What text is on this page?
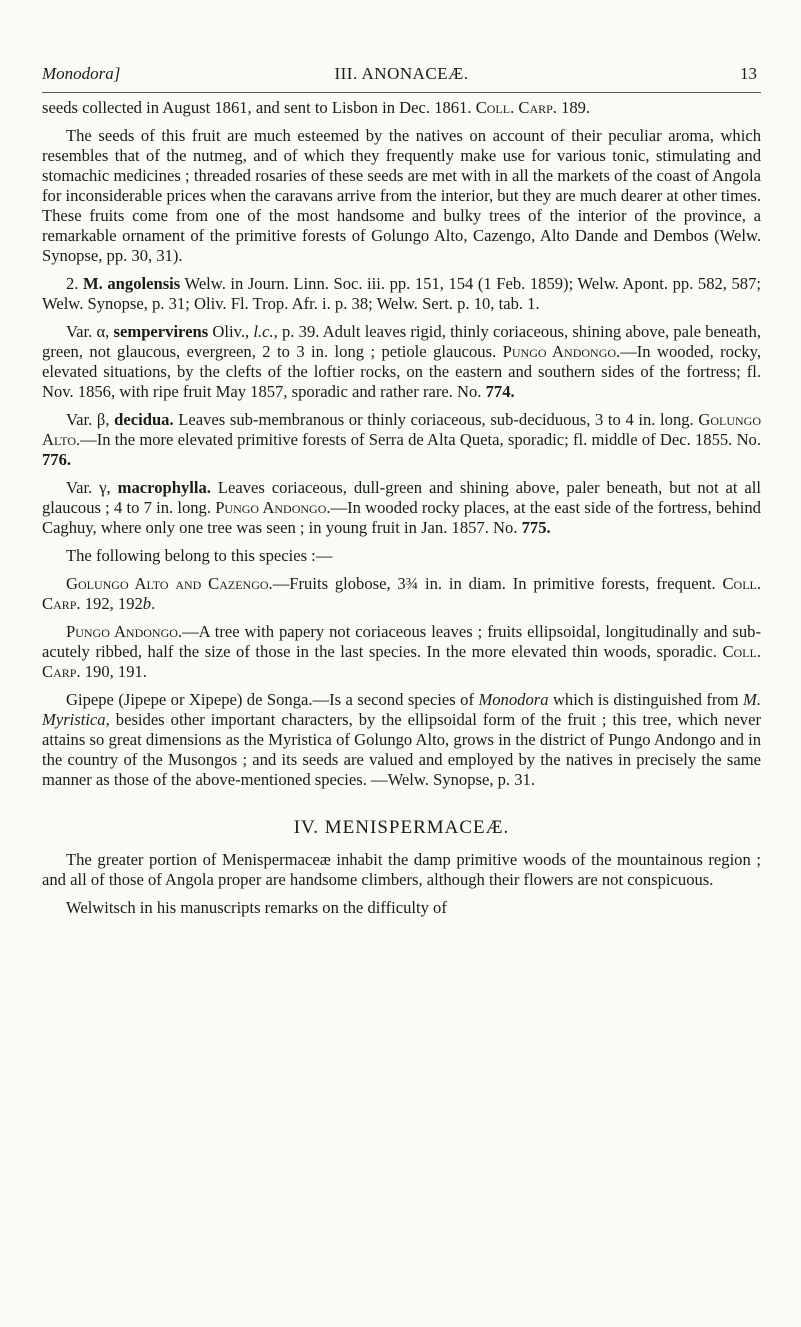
Monodora]	III. ANONACEÆ.	13

seeds collected in August 1861, and sent to Lisbon in Dec. 1861. Coll. Carp. 189.

The seeds of this fruit are much esteemed by the natives on account of their peculiar aroma, which resembles that of the nutmeg, and of which they frequently make use for various tonic, stimulating and stomachic medicines ; threaded rosaries of these seeds are met with in all the markets of the coast of Angola for inconsiderable prices when the caravans arrive from the interior, but they are much dearer at other times. These fruits come from one of the most handsome and bulky trees of the interior of the province, a remarkable ornament of the primitive forests of Golungo Alto, Cazengo, Alto Dande and Dembos (Welw. Synopse, pp. 30, 31).

2. M. angolensis Welw. in Journ. Linn. Soc. iii. pp. 151, 154 (1 Feb. 1859); Welw. Apont. pp. 582, 587; Welw. Synopse, p. 31; Oliv. Fl. Trop. Afr. i. p. 38; Welw. Sert. p. 10, tab. 1.

Var. α, sempervirens Oliv., l.c., p. 39. Adult leaves rigid, thinly coriaceous, shining above, pale beneath, green, not glaucous, evergreen, 2 to 3 in. long ; petiole glaucous. Pungo Andongo.—In wooded, rocky, elevated situations, by the clefts of the loftier rocks, on the eastern and southern sides of the fortress; fl. Nov. 1856, with ripe fruit May 1857, sporadic and rather rare. No. 774.

Var. β, decidua. Leaves sub-membranous or thinly coriaceous, sub-deciduous, 3 to 4 in. long. Golungo Alto.—In the more elevated primitive forests of Serra de Alta Queta, sporadic; fl. middle of Dec. 1855. No. 776.

Var. γ, macrophylla. Leaves coriaceous, dull-green and shining above, paler beneath, but not at all glaucous ; 4 to 7 in. long. Pungo Andongo.—In wooded rocky places, at the east side of the fortress, behind Caghuy, where only one tree was seen ; in young fruit in Jan. 1857. No. 775.

The following belong to this species :—

Golungo Alto and Cazengo.—Fruits globose, 3¾ in. in diam. In primitive forests, frequent. Coll. Carp. 192, 192b.

Pungo Andongo.—A tree with papery not coriaceous leaves ; fruits ellipsoidal, longitudinally and sub-acutely ribbed, half the size of those in the last species. In the more elevated thin woods, sporadic. Coll. Carp. 190, 191.

Gipepe (Jipepe or Xipepe) de Songa.—Is a second species of Monodora which is distinguished from M. Myristica, besides other important characters, by the ellipsoidal form of the fruit ; this tree, which never attains so great dimensions as the Myristica of Golungo Alto, grows in the district of Pungo Andongo and in the country of the Musongos ; and its seeds are valued and employed by the natives in precisely the same manner as those of the above-mentioned species. —Welw. Synopse, p. 31.

IV. MENISPERMACEÆ.

The greater portion of Menispermaceæ inhabit the damp primitive woods of the mountainous region ; and all of those of Angola proper are handsome climbers, although their flowers are not conspicuous.

Welwitsch in his manuscripts remarks on the difficulty of
